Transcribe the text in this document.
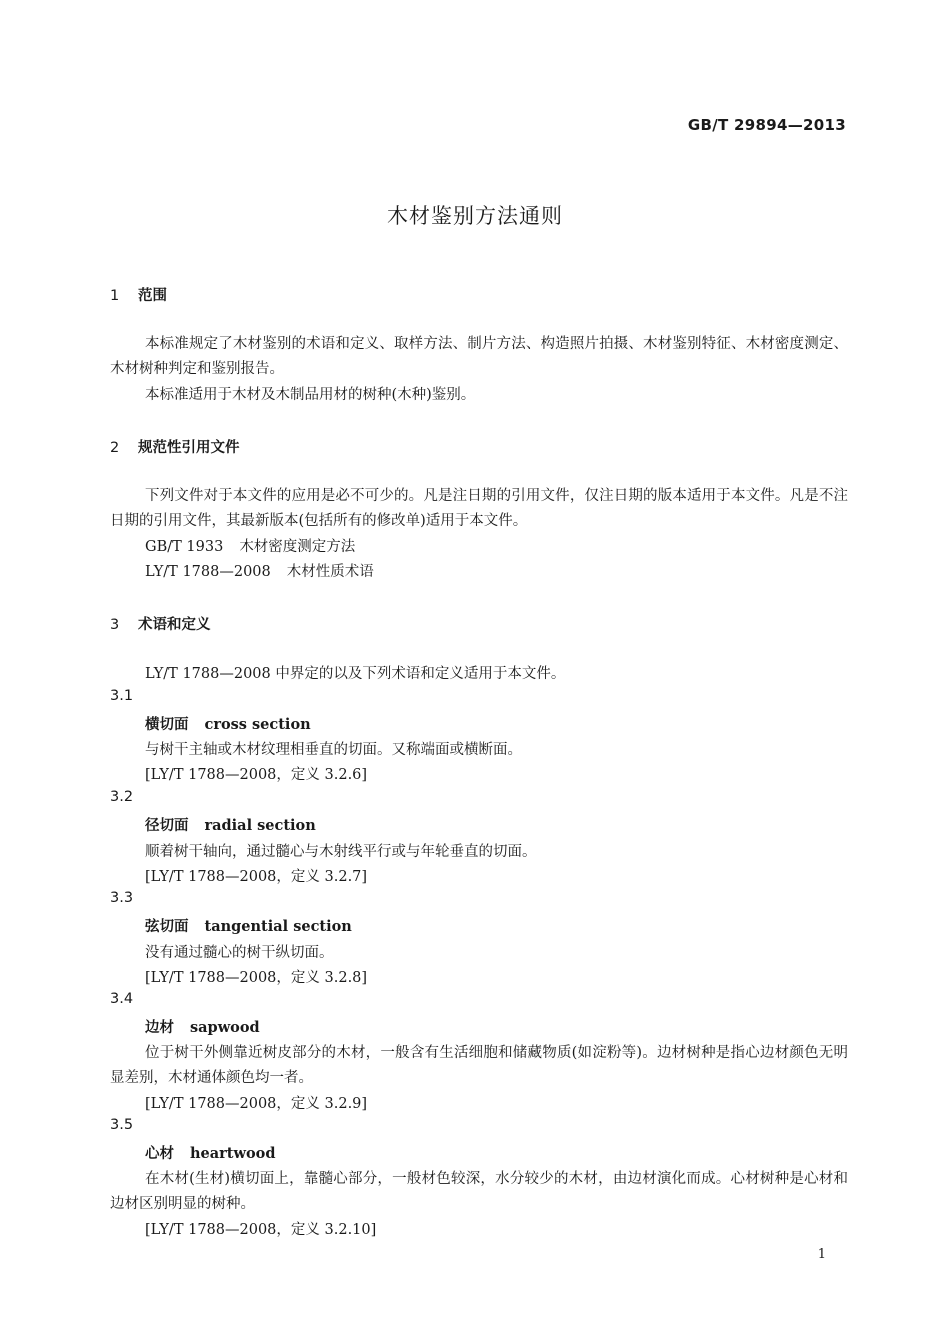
GB/T 29894—2013
木材鉴别方法通则
1 范围
本标准规定了木材鉴别的术语和定义、取样方法、制片方法、构造照片拍摄、木材鉴别特征、木材密度测定、木材树种判定和鉴别报告。
本标准适用于木材及木制品用材的树种(木种)鉴别。
2 规范性引用文件
下列文件对于本文件的应用是必不可少的。凡是注日期的引用文件，仅注日期的版本适用于本文件。凡是不注日期的引用文件，其最新版本(包括所有的修改单)适用于本文件。
GB/T 1933 木材密度测定方法
LY/T 1788—2008 木材性质术语
3 术语和定义
LY/T 1788—2008 中界定的以及下列术语和定义适用于本文件。
3.1
横切面 cross section
与树干主轴或木材纹理相垂直的切面。又称端面或横断面。
[LY/T 1788—2008，定义 3.2.6]
3.2
径切面 radial section
顺着树干轴向，通过髓心与木射线平行或与年轮垂直的切面。
[LY/T 1788—2008，定义 3.2.7]
3.3
弦切面 tangential section
没有通过髓心的树干纵切面。
[LY/T 1788—2008，定义 3.2.8]
3.4
边材 sapwood
位于树干外侧靠近树皮部分的木材，一般含有生活细胞和储藏物质(如淀粉等)。边材树种是指心边材颜色无明显差别，木材通体颜色均一者。
[LY/T 1788—2008，定义 3.2.9]
3.5
心材 heartwood
在木材(生材)横切面上，靠髓心部分，一般材色较深，水分较少的木材，由边材演化而成。心材树种是心材和边材区别明显的树种。
[LY/T 1788—2008，定义 3.2.10]
1
